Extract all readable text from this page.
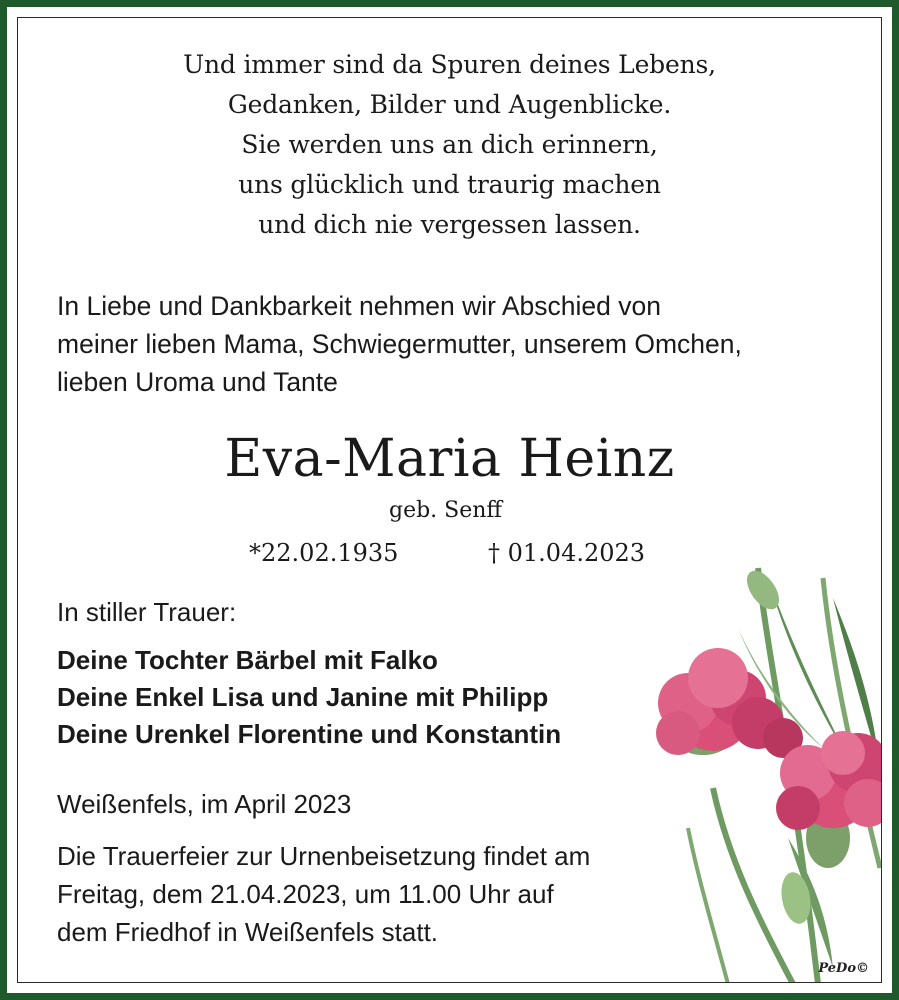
Und immer sind da Spuren deines Lebens,
Gedanken, Bilder und Augenblicke.
Sie werden uns an dich erinnern,
uns glücklich und traurig machen
und dich nie vergessen lassen.
In Liebe und Dankbarkeit nehmen wir Abschied von
meiner lieben Mama, Schwiegermutter, unserem Omchen,
lieben Uroma und Tante
Eva-Maria Heinz
geb. Senff
*22.02.1935	† 01.04.2023
In stiller Trauer:
Deine Tochter Bärbel mit Falko
Deine Enkel Lisa und Janine mit Philipp
Deine Urenkel Florentine und Konstantin
Weißenfels, im April 2023
Die Trauerfeier zur Urnenbeisetzung findet am
Freitag, dem 21.04.2023, um 11.00 Uhr auf
dem Friedhof in Weißenfels statt.
PeDo©
